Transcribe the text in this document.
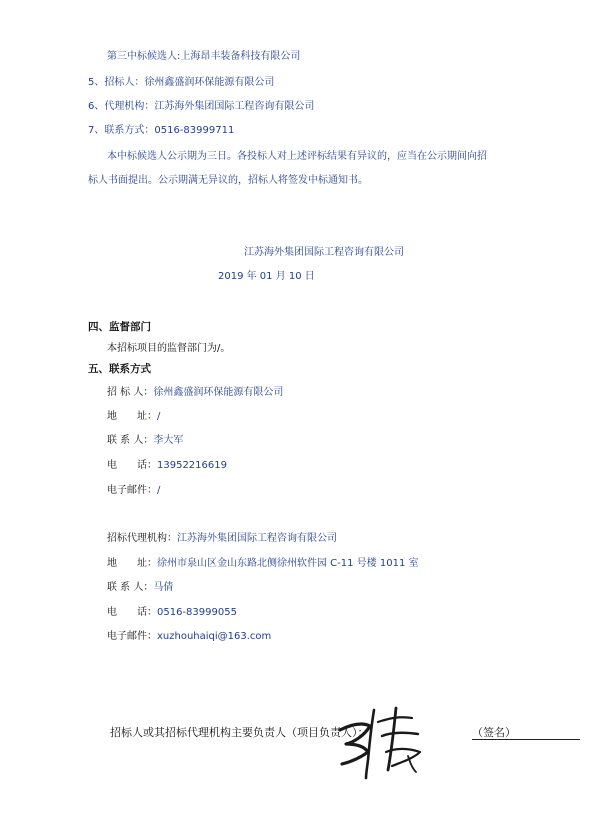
第三中标候选人:上海昂丰装备科技有限公司
5、招标人：徐州鑫盛润环保能源有限公司
6、代理机构：江苏海外集团国际工程咨询有限公司
7、联系方式：0516-83999711
本中标候选人公示期为三日。各投标人对上述评标结果有异议的，应当在公示期间向招
标人书面提出。公示期满无异议的，招标人将签发中标通知书。
江苏海外集团国际工程咨询有限公司
2019 年 01 月 10 日
四、监督部门
本招标项目的监督部门为/。
五、联系方式
招 标 人：徐州鑫盛润环保能源有限公司
地　　址：/
联 系 人：李大军
电　　话：13952216619
电子邮件：/
招标代理机构：江苏海外集团国际工程咨询有限公司
地　　址：徐州市泉山区金山东路北侧徐州软件园 C-11 号楼 1011 室
联 系 人：马倩
电　　话：0516-83999055
电子邮件：xuzhouhaiqi@163.com
招标人或其招标代理机构主要负责人（项目负责人）：	（签名）
